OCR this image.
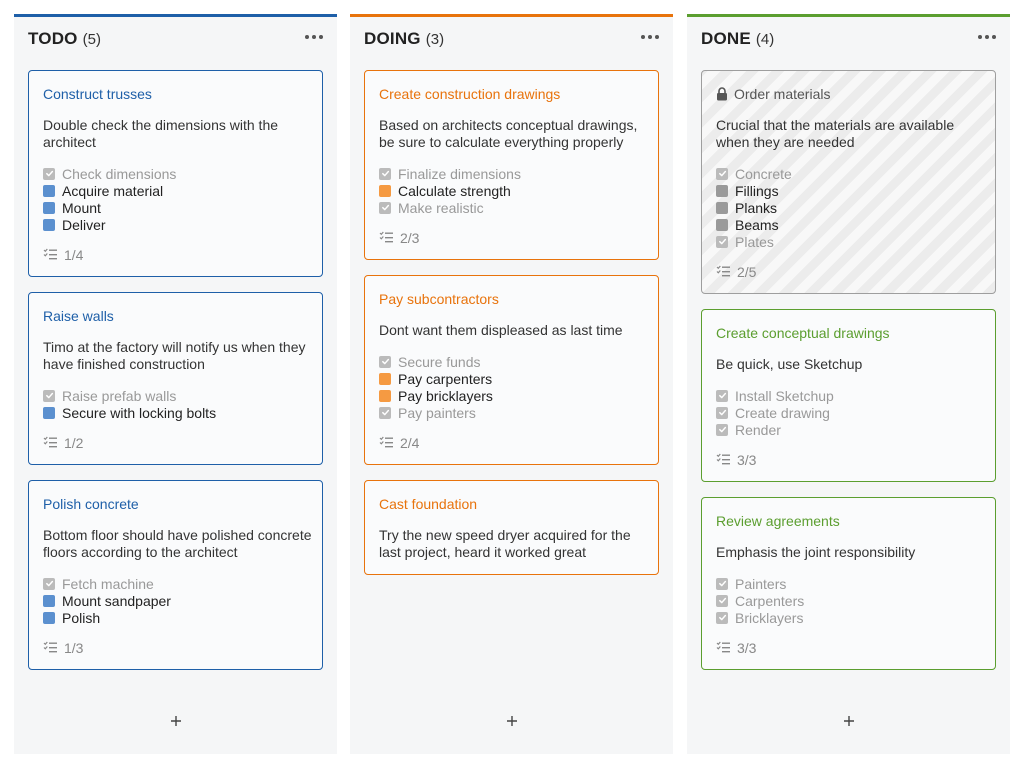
TODO (5)
Construct trusses
Double check the dimensions with the architect
Check dimensions
Acquire material
Mount
Deliver
1/4
Raise walls
Timo at the factory will notify us when they have finished construction
Raise prefab walls
Secure with locking bolts
1/2
Polish concrete
Bottom floor should have polished concrete floors according to the architect
Fetch machine
Mount sandpaper
Polish
1/3
DOING (3)
Create construction drawings
Based on architects conceptual drawings, be sure to calculate everything properly
Finalize dimensions
Calculate strength
Make realistic
2/3
Pay subcontractors
Dont want them displeased as last time
Secure funds
Pay carpenters
Pay bricklayers
Pay painters
2/4
Cast foundation
Try the new speed dryer acquired for the last project, heard it worked great
DONE (4)
Order materials
Crucial that the materials are available when they are needed
Concrete
Fillings
Planks
Beams
Plates
2/5
Create conceptual drawings
Be quick, use Sketchup
Install Sketchup
Create drawing
Render
3/3
Review agreements
Emphasis the joint responsibility
Painters
Carpenters
Bricklayers
3/3
